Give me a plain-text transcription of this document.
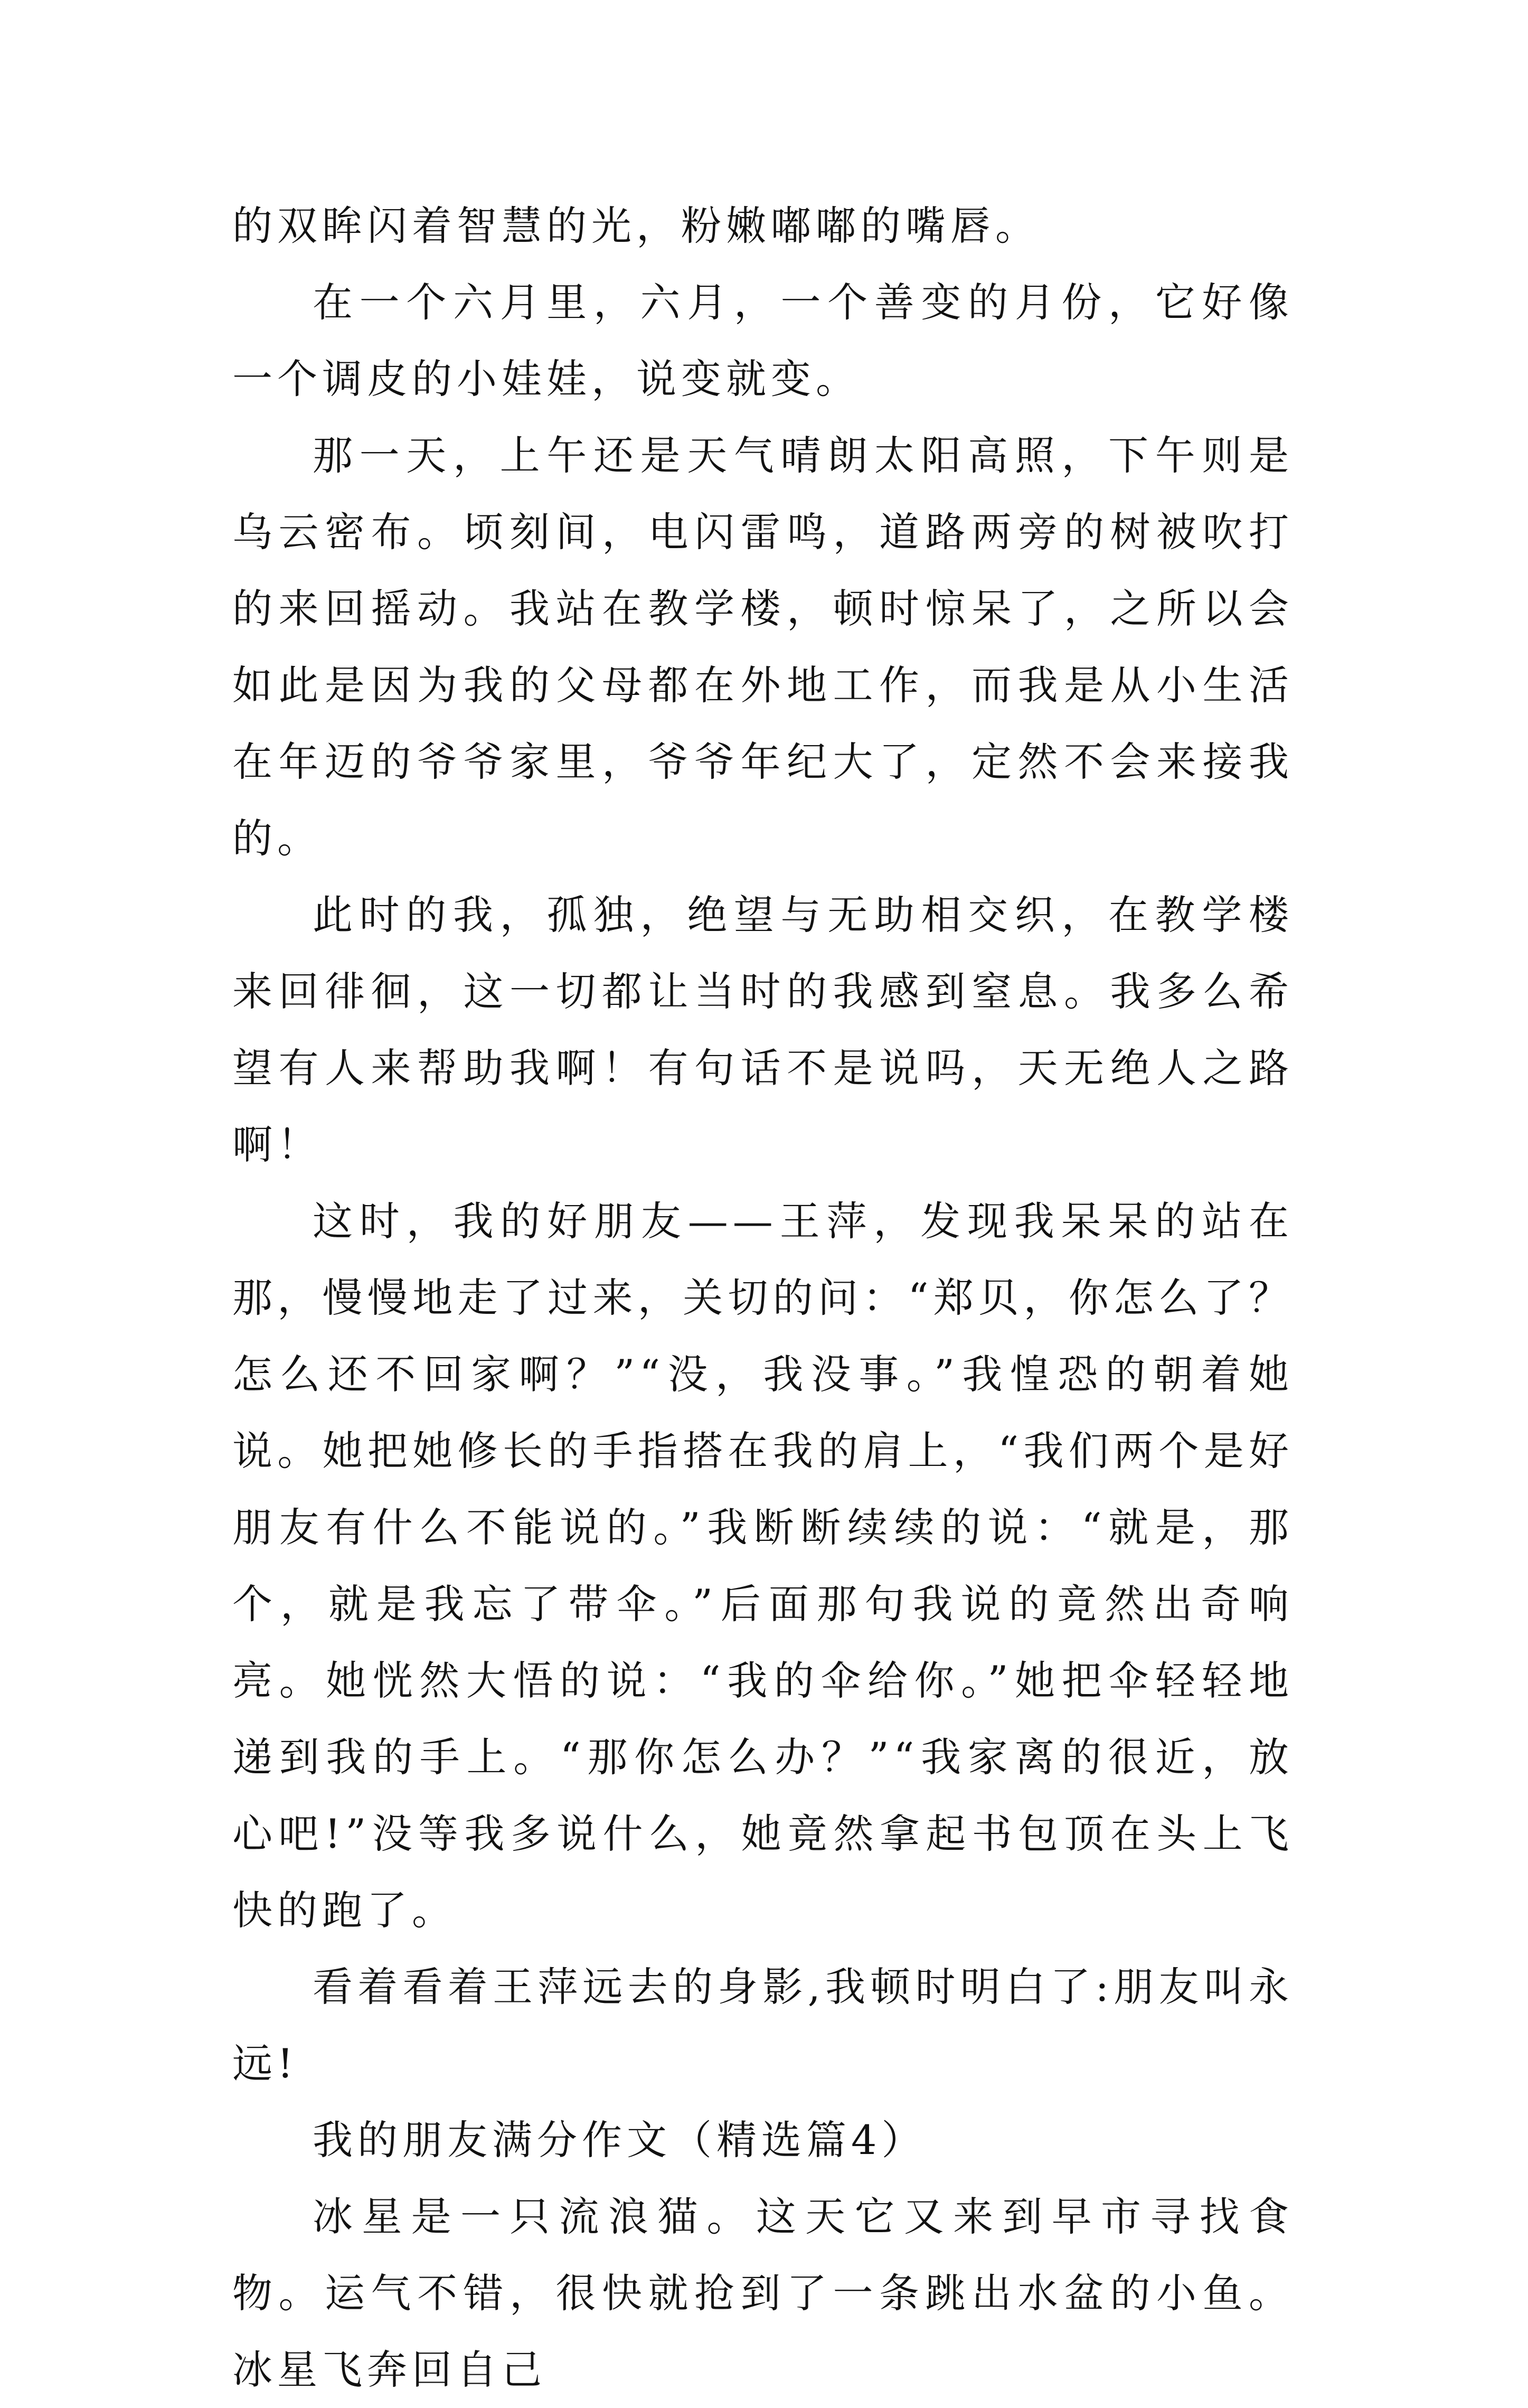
的双眸闪着智慧的光，粉嫩嘟嘟的嘴唇。

在一个六月里，六月，一个善变的月份，它好像一个调皮的小娃娃，说变就变。

那一天，上午还是天气晴朗太阳高照，下午则是乌云密布。顷刻间，电闪雷鸣，道路两旁的树被吹打的来回摇动。我站在教学楼，顿时惊呆了，之所以会如此是因为我的父母都在外地工作，而我是从小生活在年迈的爷爷家里，爷爷年纪大了，定然不会来接我的。

此时的我，孤独，绝望与无助相交织，在教学楼来回徘徊，这一切都让当时的我感到窒息。我多么希望有人来帮助我啊！有句话不是说吗，天无绝人之路啊！

这时，我的好朋友——王萍，发现我呆呆的站在那，慢慢地走了过来，关切的问：“郑贝，你怎么了？怎么还不回家啊？”“没，我没事。”我惶恐的朝着她说。她把她修长的手指搭在我的肩上，“我们两个是好朋友有什么不能说的。”我断断续续的说：“就是，那个，就是我忘了带伞。”后面那句我说的竟然出奇响亮。她恍然大悟的说：“我的伞给你。”她把伞轻轻地递到我的手上。“那你怎么办？”“我家离的很近，放心吧!”没等我多说什么，她竟然拿起书包顶在头上飞快的跑了。

看着看着王萍远去的身影,我顿时明白了:朋友叫永远!

我的朋友满分作文（精选篇4）

冰星是一只流浪猫。这天它又来到早市寻找食物。运气不错，很快就抢到了一条跳出水盆的小鱼。冰星飞奔回自己
